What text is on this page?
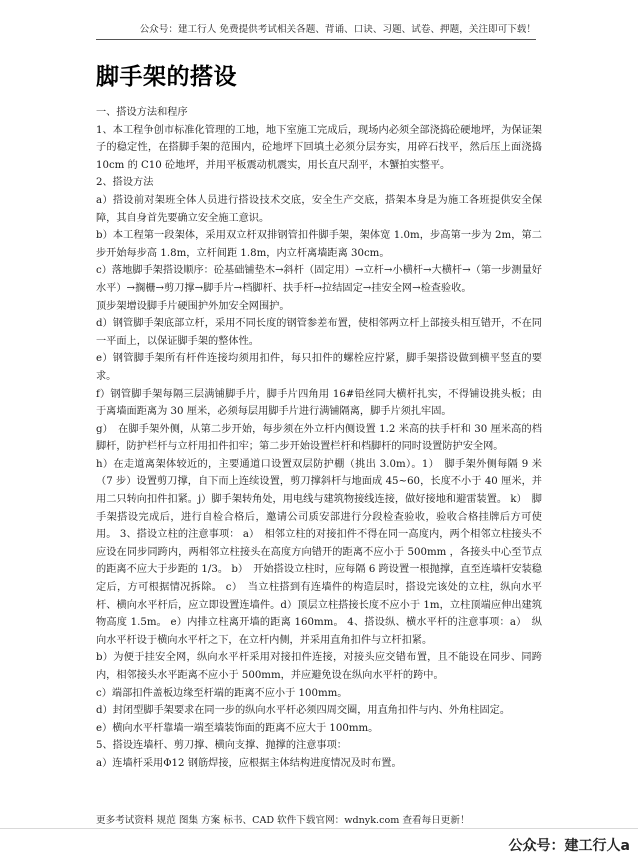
公众号：建工行人 免费提供考试相关各题、背诵、口诀、习题、试卷、押题，关注即可下载！
脚手架的搭设

一、搭设方法和程序

1、本工程争创市标准化管理的工地，地下室施工完成后，现场内必须全部浇捣砼硬地坪，为保证架子的稳定性，在搭脚手架的范围内，砼地坪下回填土必须分层夯实，用碎石找平，然后压上面浇捣 10cm 的 C10 砼地坪，并用平板震动机震实，用长直尺刮平，木蟹拍实整平。

2、搭设方法

a）搭设前对架班全体人员进行搭设技术交底，安全生产交底，搭架本身是为施工各班提供安全保障，其自身首先要确立安全施工意识。

b）本工程第一段架体，采用双立杆双排钢管扣件脚手架，架体宽 1.0m，步高第一步为 2m，第二步开始每步高 1.8m，立杆间距 1.8m，内立杆离墙距离 30cm。

c）落地脚手架搭设顺序：砼基础铺垫木→斜杆（固定用）→立杆→小横杆→大横杆→（第一步测量好水平）→搁栅→剪刀撑→脚手片→档脚杆、扶手杆→拉结固定→挂安全网→检查验收。

顶步架增设脚手片硬围护外加安全网围护。

d）钢管脚手架底部立杆，采用不同长度的钢管参差布置，使相邻两立杆上部接头相互错开，不在同一平面上，以保证脚手架的整体性。

e）钢管脚手架所有杆件连接均须用扣件，每只扣件的螺栓应拧紧，脚手架搭设做到横平竖直的要求。

f）钢管脚手架每隔三层满铺脚手片，脚手片四角用 16#铅丝同大横杆扎实，不得铺设挑头板；由于离墙面距离为 30 厘米，必须每层用脚手片进行满铺隔离，脚手片须扎牢固。

g）　在脚手架外侧，从第二步开始，每步须在外立杆内侧设置 1.2 米高的扶手杆和 30 厘米高的档脚杆，防护栏杆与立杆用扣件扣牢；第二步开始设置栏杆和档脚杆的同时设置防护安全网。

h）在走道离架体较近的，主要通道口设置双层防护棚（挑出 3.0m）。1）　脚手架外侧每隔 9 米（7 步）设置剪刀撑，自下而上连续设置，剪刀撑斜杆与地面成 45~60，长度不小于 40 厘米，并用二只转向扣件扣紧。j）脚手架转角处，用电线与建筑物接线连接，做好接地和避雷装置。 k）　脚手架搭设完成后，进行自检合格后，邀请公司质安部进行分段检查验收，验收合格挂牌后方可使用。 3、搭设立柱的注意事项： a）　相邻立柱的对接扣件不得在同一高度内，两个相邻立柱接头不应设在同步同跨内，两相邻立柱接头在高度方向错开的距离不应小于 500mm ，各接头中心至节点的距离不应大于步距的 1/3。 b）　开始搭设立柱时，应每隔 6 跨设置一根抛撑，直至连墙杆安装稳定后，方可根据情况拆除。 c）　当立柱搭到有连墙件的构造层时，搭设完该处的立柱，纵向水平杆、横向水平杆后，应立即设置连墙件。d）顶层立柱搭接长度不应小于 1m，立柱顶端应伸出建筑物高度 1.5m。 e）内排立柱离开墙的距离 160mm。 4、搭设纵、横水平杆的注意事项：a）　纵向水平杆设于横向水平杆之下，在立杆内侧，并采用直角扣件与立杆扣紧。

b）为便于挂安全网，纵向水平杆采用对接扣件连接，对接头应交错布置，且不能设在同步、同跨内，相邻接头水平距离不应小于 500mm，并应避免设在纵向水平杆的跨中。

c）端部扣件盖板边缘至杆端的距离不应小于 100mm。

d）封闭型脚手架要求在同一步的纵向水平杆必须四周交圈，用直角扣件与内、外角柱固定。

e）横向水平杆靠墙一端至墙装饰面的距离不应大于 100mm。

5、搭设连墙杆、剪刀撑、横向支撑、抛撑的注意事项：

a）连墙杆采用Φ12 钢筋焊接，应根据主体结构进度情况及时布置。

更多考试资料 规范 图集 方案 标书、CAD 软件下载官网：wdnyk.com 查看每日更新！
公众号：建工行人a
